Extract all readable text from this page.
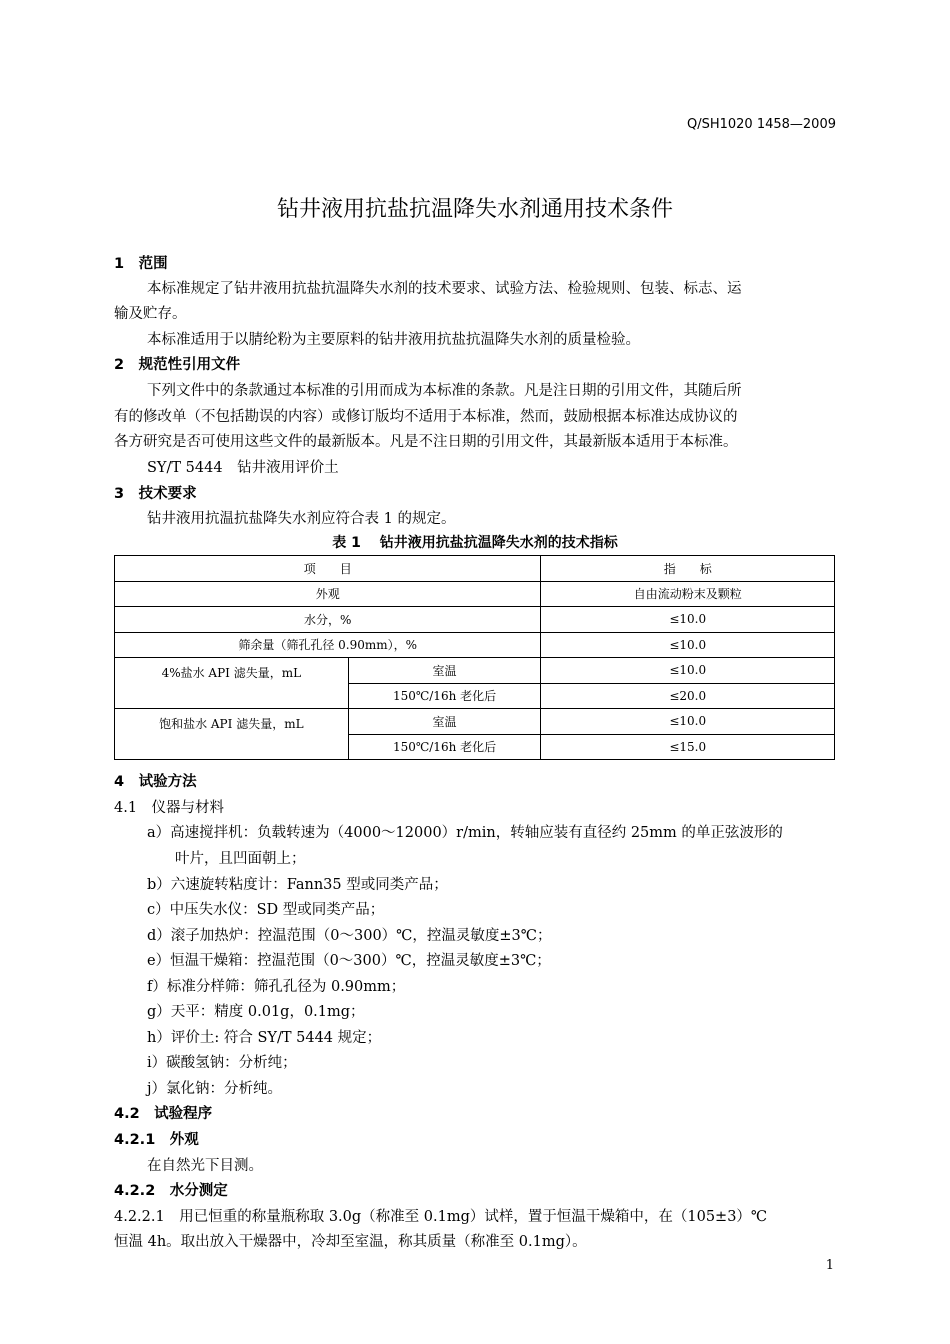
Q/SH1020 1458—2009
钻井液用抗盐抗温降失水剂通用技术条件
1　范围
本标准规定了钻井液用抗盐抗温降失水剂的技术要求、试验方法、检验规则、包装、标志、运
输及贮存。
本标准适用于以腈纶粉为主要原料的钻井液用抗盐抗温降失水剂的质量检验。
2　规范性引用文件
下列文件中的条款通过本标准的引用而成为本标准的条款。凡是注日期的引用文件，其随后所
有的修改单（不包括勘误的内容）或修订版均不适用于本标准，然而，鼓励根据本标准达成协议的
各方研究是否可使用这些文件的最新版本。凡是不注日期的引用文件，其最新版本适用于本标准。
SY/T 5444　钻井液用评价土
3　技术要求
钻井液用抗温抗盐降失水剂应符合表 1 的规定。
表 1　 钻井液用抗盐抗温降失水剂的技术指标
项　　目		指　　标
外观		自由流动粉末及颗粒
水分，%		≤10.0
筛余量（筛孔孔径 0.90mm），%		≤10.0
4%盐水 API 滤失量，mL	室温	≤10.0
	150℃/16h 老化后	≤20.0
饱和盐水 API 滤失量，mL	室温	≤10.0
	150℃/16h 老化后	≤15.0
4　试验方法
4.1　仪器与材料
a）高速搅拌机：负载转速为（4000～12000）r/min，转轴应装有直径约 25mm 的单正弦波形的
叶片，且凹面朝上；
b）六速旋转粘度计：Fann35 型或同类产品；
c）中压失水仪：SD 型或同类产品；
d）滚子加热炉：控温范围（0～300）℃，控温灵敏度±3℃；
e）恒温干燥箱：控温范围（0～300）℃，控温灵敏度±3℃；
f）标准分样筛：筛孔孔径为 0.90mm；
g）天平：精度 0.01g，0.1mg；
h）评价土: 符合 SY/T 5444 规定；
i）碳酸氢钠：分析纯；
j）氯化钠：分析纯。
4.2　试验程序
4.2.1　外观
在自然光下目测。
4.2.2　水分测定
4.2.2.1　用已恒重的称量瓶称取 3.0g（称准至 0.1mg）试样，置于恒温干燥箱中，在（105±3）℃
恒温 4h。取出放入干燥器中，冷却至室温，称其质量（称准至 0.1mg）。
1
